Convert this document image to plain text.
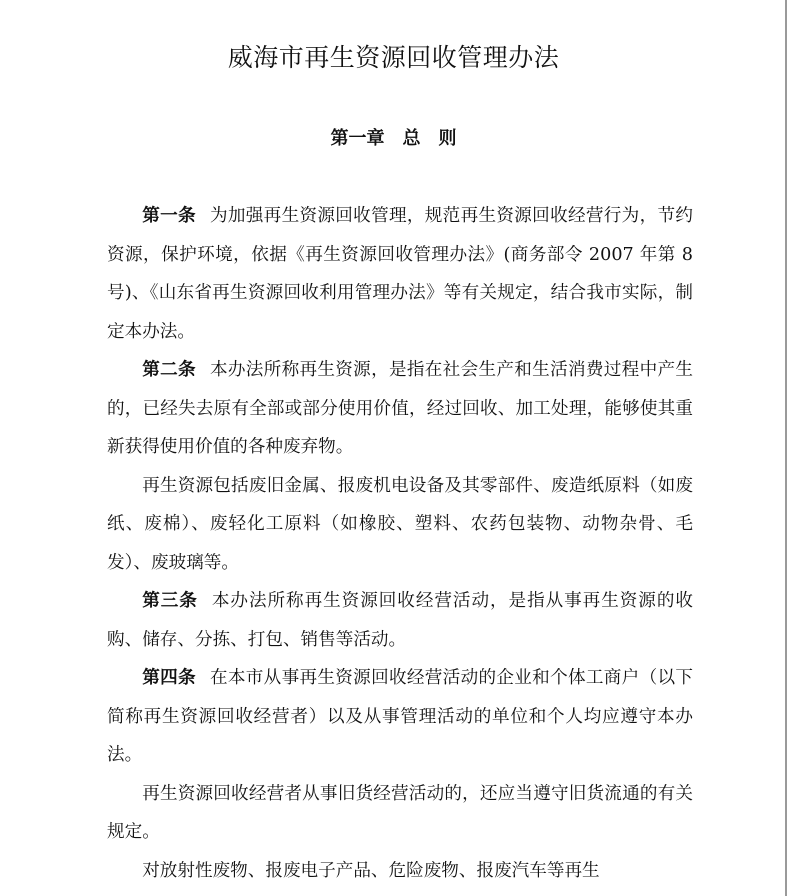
威海市再生资源回收管理办法
第一章　总　则

第一条 为加强再生资源回收管理，规范再生资源回收经营行为，节约资源，保护环境，依据《再生资源回收管理办法》(商务部令 2007 年第 8 号)、《山东省再生资源回收利用管理办法》等有关规定，结合我市实际，制定本办法。

第二条 本办法所称再生资源，是指在社会生产和生活消费过程中产生的，已经失去原有全部或部分使用价值，经过回收、加工处理，能够使其重新获得使用价值的各种废弃物。

再生资源包括废旧金属、报废机电设备及其零部件、废造纸原料（如废纸、废棉）、废轻化工原料（如橡胶、塑料、农药包装物、动物杂骨、毛发）、废玻璃等。

第三条 本办法所称再生资源回收经营活动，是指从事再生资源的收购、储存、分拣、打包、销售等活动。

第四条 在本市从事再生资源回收经营活动的企业和个体工商户（以下简称再生资源回收经营者）以及从事管理活动的单位和个人均应遵守本办法。

再生资源回收经营者从事旧货经营活动的，还应当遵守旧货流通的有关规定。

对放射性废物、报废电子产品、危险废物、报废汽车等再生
